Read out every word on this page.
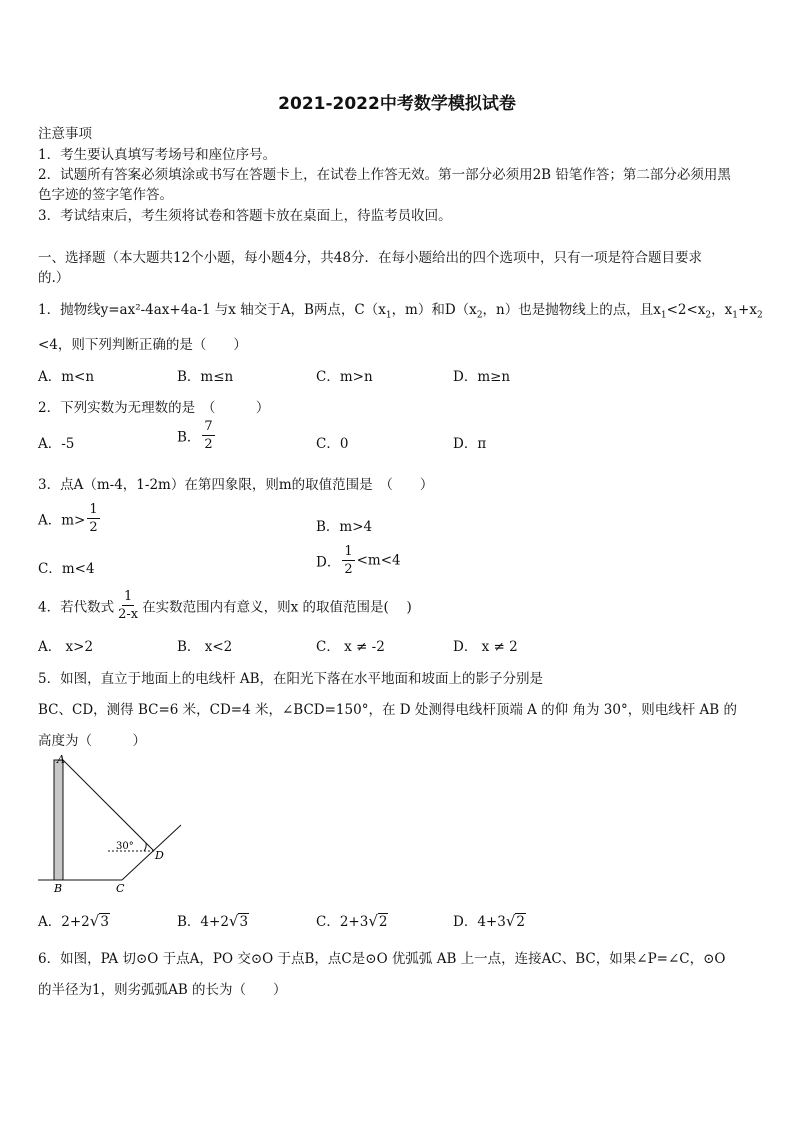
2021-2022中考数学模拟试卷
注意事项
1．考生要认真填写考场号和座位序号。
2．试题所有答案必须填涂或书写在答题卡上，在试卷上作答无效。第一部分必须用2B 铅笔作答；第二部分必须用黑
色字迹的签字笔作答。
3．考试结束后，考生须将试卷和答题卡放在桌面上，待监考员收回。
一、选择题（本大题共12个小题，每小题4分，共48分．在每小题给出的四个选项中，只有一项是符合题目要求
的.）
1．抛物线y=ax²-4ax+4a-1 与x 轴交于A，B两点，$C(x_1$，m）和$D(x_2$，n）也是抛物线上的点，且$x_1<2<x_2$，$x_1+x_2$
<4，则下列判断正确的是（　　）
A．m<n	B．m≤n	C．m>n	D．m≥n
2．下列实数为无理数的是　（　　　）
A．-5	B． $\frac{7}{2}$	C．0	D．π
3．点A（m-4，1-2m）在第四象限，则m的取值范围是　（　　）
A．$m> \frac{1}{2}$	B．m>4
C．m<4	D． $\frac{1}{2} <m<4$
4．若代数式 $\frac{1}{2-x}$ 在实数范围内有意义，则x 的取值范围是(　 )
A． x>2	B． x<2	C． x ≠ -2	D． x ≠ 2
5．如图，直立于地面上的电线杆 AB，在阳光下落在水平地面和坡面上的影子分别是
BC、CD，测得 BC=6 米，CD=4 米，∠BCD=150°，在 D 处测得电线杆顶端 A 的仰 角为 30°，则电线杆 AB 的
高度为（　　　）
A
B	C
D
30°
A．2+2√3	B．4+2√3	C．2+3√2	D．4+3√2
6．如图，PA 切⊙O 于点A，PO 交⊙O 于点B，点C是⊙O 优弧弧 AB 上一点，连接AC、BC，如果∠P=∠C，⊙O
的半径为1，则劣弧弧AB 的长为（　　）
